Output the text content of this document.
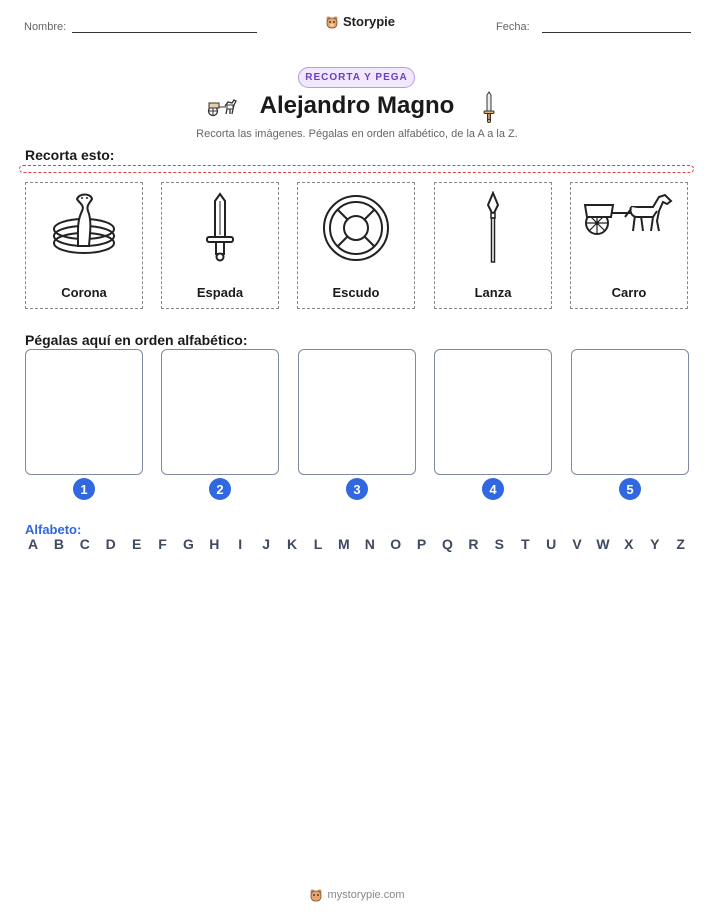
Nombre:	Storypie	Fecha:
RECORTA Y PEGA
Alejandro Magno
Recorta las imágenes. Pégalas en orden alfabético, de la A a la Z.
Recorta esto:
Corona	Espada	Escudo	Lanza	Carro
Pégalas aquí en orden alfabético:
1	2	3	4	5
Alfabeto:
A B C D E F G H	I	J K L M N O P Q R S T U V W X Y Z
mystorypie.com
